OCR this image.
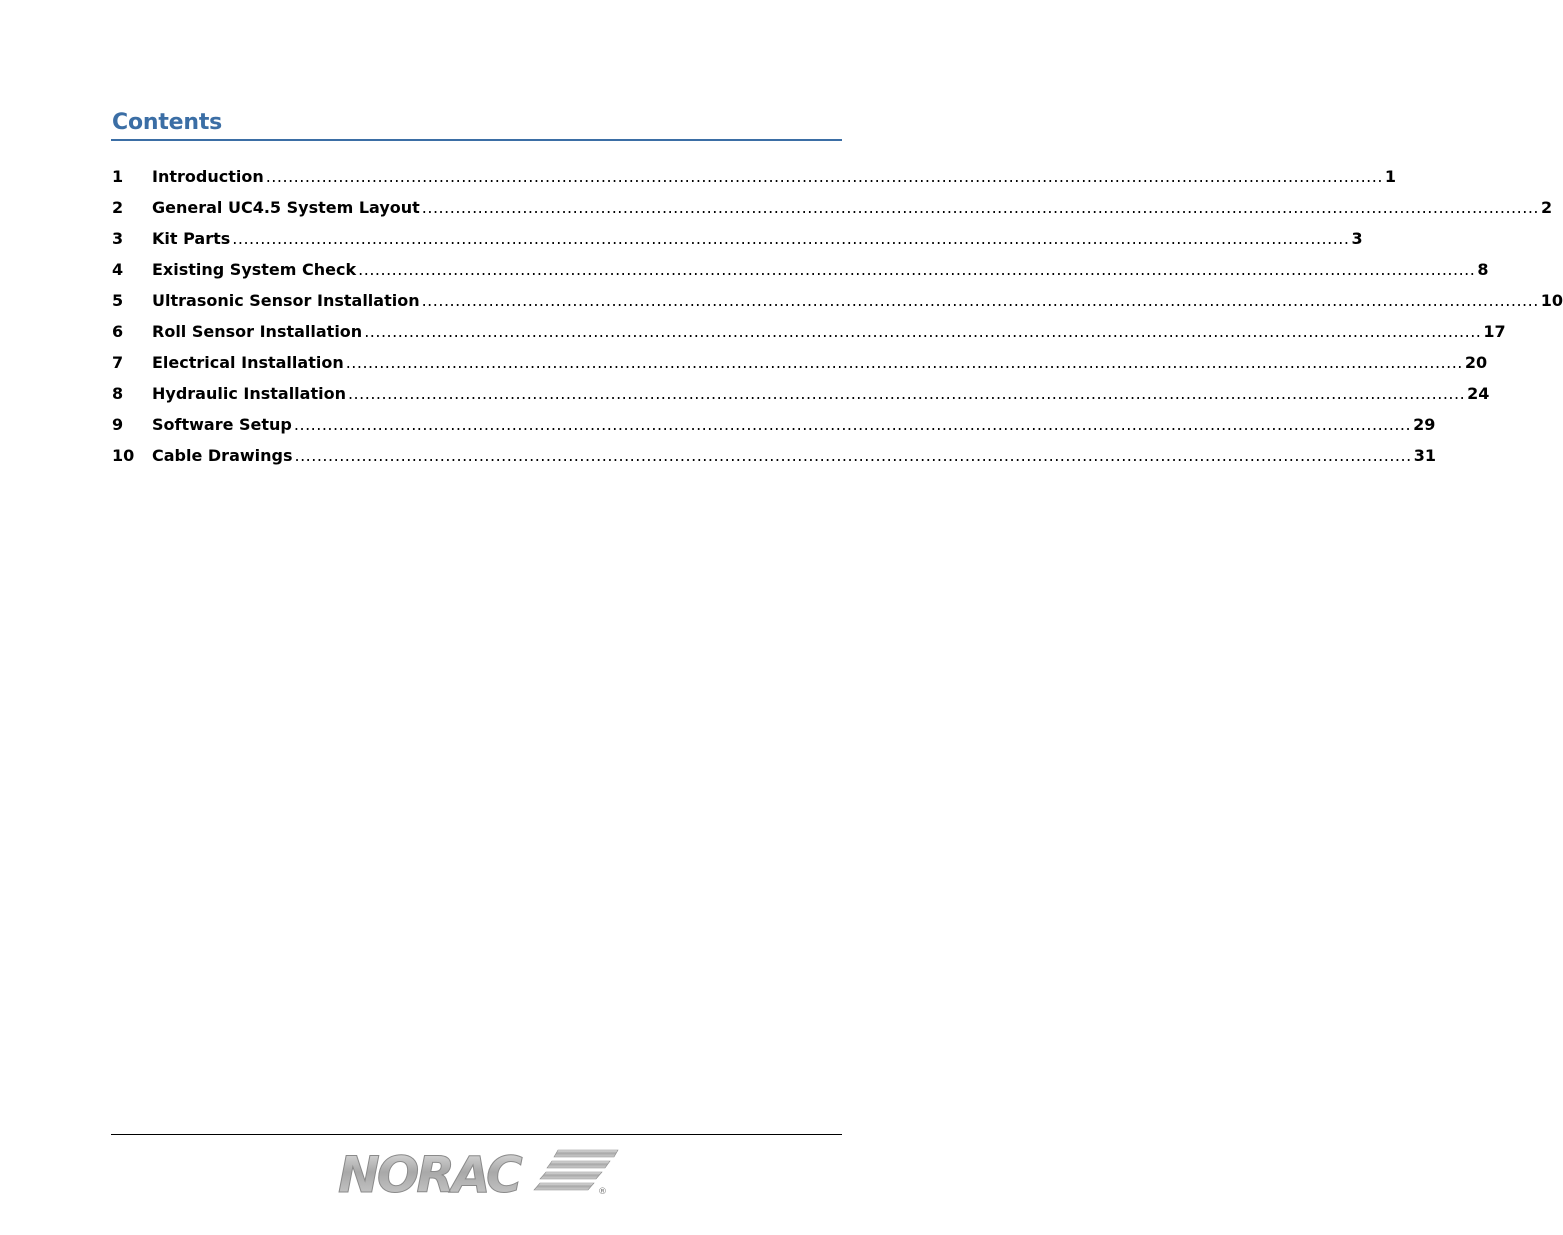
Contents
1	Introduction ........................................................................................................................................................................................................ 1
2	General UC4.5 System Layout ........................................................................................................................................................................................................ 2
3	Kit Parts ........................................................................................................................................................................................................ 3
4	Existing System Check ........................................................................................................................................................................................................ 8
5	Ultrasonic Sensor Installation ........................................................................................................................................................................................................ 10
6	Roll Sensor Installation ........................................................................................................................................................................................................ 17
7	Electrical Installation ........................................................................................................................................................................................................ 20
8	Hydraulic Installation ........................................................................................................................................................................................................ 24
9	Software Setup ........................................................................................................................................................................................................ 29
10	Cable Drawings ........................................................................................................................................................................................................ 31
NORAC	®
